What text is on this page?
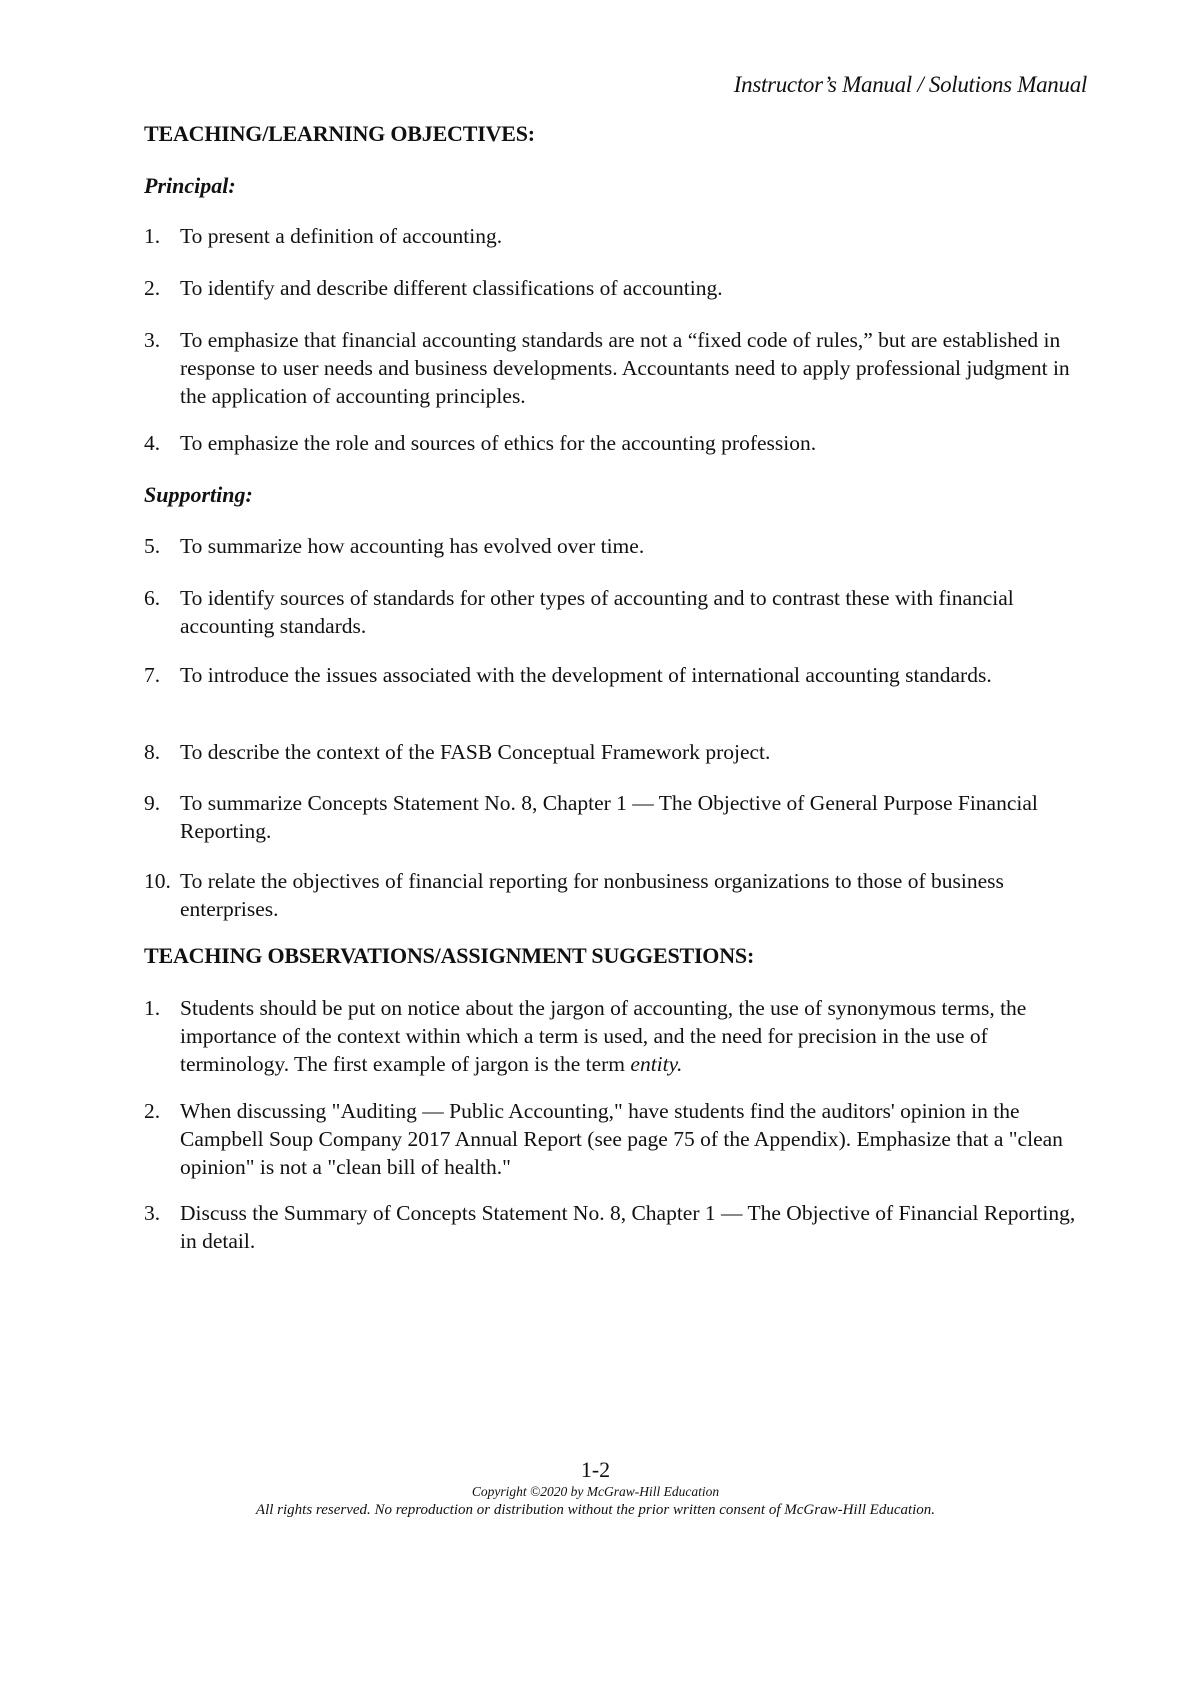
Instructor’s Manual / Solutions Manual
TEACHING/LEARNING OBJECTIVES:
Principal:
1. To present a definition of accounting.
2. To identify and describe different classifications of accounting.
3. To emphasize that financial accounting standards are not a “fixed code of rules,” but are established in response to user needs and business developments. Accountants need to apply professional judgment in the application of accounting principles.
4. To emphasize the role and sources of ethics for the accounting profession.
Supporting:
5. To summarize how accounting has evolved over time.
6. To identify sources of standards for other types of accounting and to contrast these with financial accounting standards.
7. To introduce the issues associated with the development of international accounting standards.
8. To describe the context of the FASB Conceptual Framework project.
9. To summarize Concepts Statement No. 8, Chapter 1 — The Objective of General Purpose Financial Reporting.
10. To relate the objectives of financial reporting for nonbusiness organizations to those of business enterprises.
TEACHING OBSERVATIONS/ASSIGNMENT SUGGESTIONS:
1. Students should be put on notice about the jargon of accounting, the use of synonymous terms, the importance of the context within which a term is used, and the need for precision in the use of terminology. The first example of jargon is the term entity.
2. When discussing "Auditing — Public Accounting," have students find the auditors' opinion in the Campbell Soup Company 2017 Annual Report (see page 75 of the Appendix). Emphasize that a "clean opinion" is not a "clean bill of health."
3. Discuss the Summary of Concepts Statement No. 8, Chapter 1 — The Objective of Financial Reporting, in detail.
1-2
Copyright ©2020 by McGraw-Hill Education
All rights reserved. No reproduction or distribution without the prior written consent of McGraw-Hill Education.
